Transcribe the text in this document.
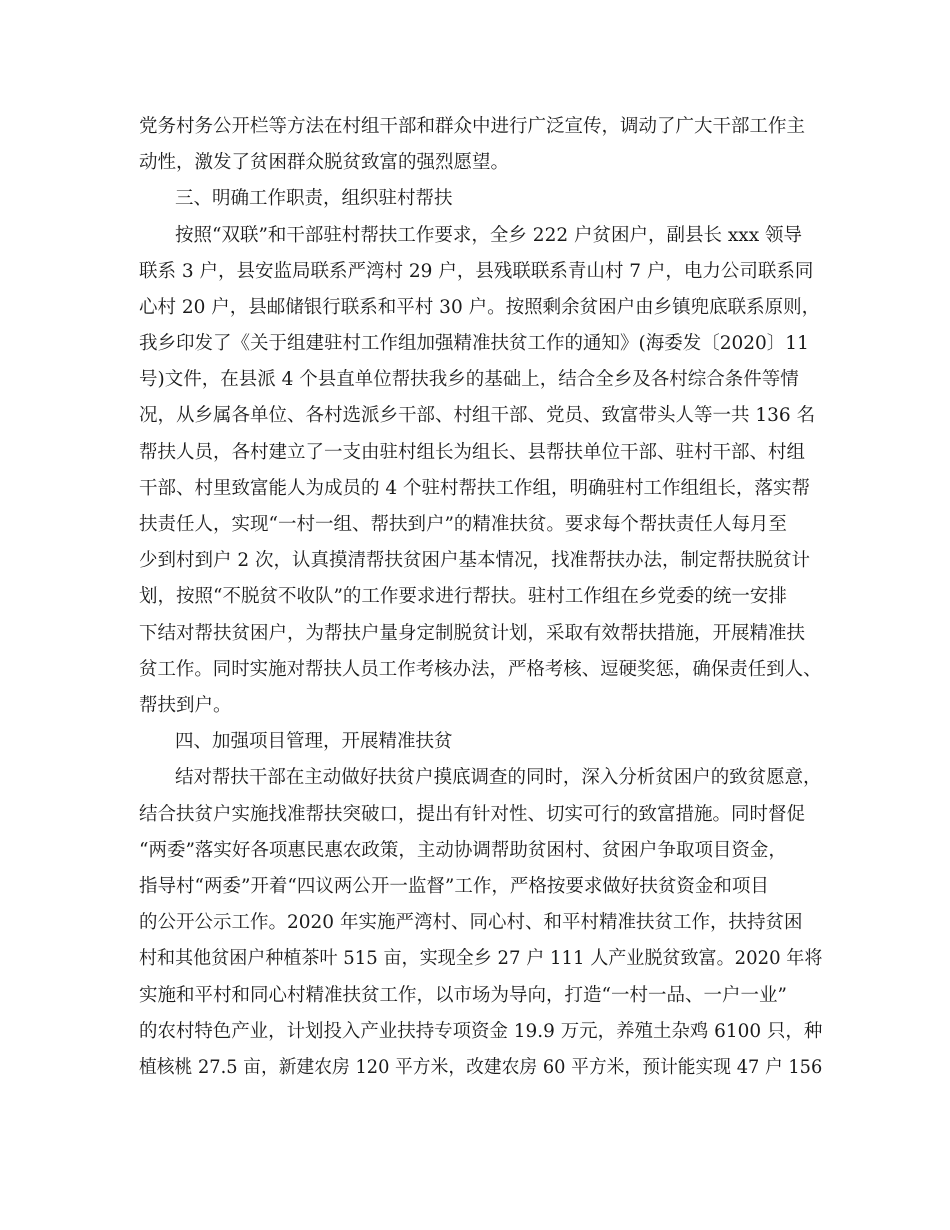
党务村务公开栏等方法在村组干部和群众中进行广泛宣传，调动了广大干部工作主
动性，激发了贫困群众脱贫致富的强烈愿望。
三、明确工作职责，组织驻村帮扶
按照“双联”和干部驻村帮扶工作要求，全乡 222 户贫困户，副县长 xxx 领导
联系 3 户，县安监局联系严湾村 29 户，县残联联系青山村 7 户，电力公司联系同
心村 20 户，县邮储银行联系和平村 30 户。按照剩余贫困户由乡镇兜底联系原则，
我乡印发了《关于组建驻村工作组加强精准扶贫工作的通知》(海委发〔2020〕11
号)文件，在县派 4 个县直单位帮扶我乡的基础上，结合全乡及各村综合条件等情
况，从乡属各单位、各村选派乡干部、村组干部、党员、致富带头人等一共 136 名
帮扶人员，各村建立了一支由驻村组长为组长、县帮扶单位干部、驻村干部、村组
干部、村里致富能人为成员的 4 个驻村帮扶工作组，明确驻村工作组组长，落实帮
扶责任人，实现“一村一组、帮扶到户”的精准扶贫。要求每个帮扶责任人每月至
少到村到户 2 次，认真摸清帮扶贫困户基本情况，找准帮扶办法，制定帮扶脱贫计
划，按照“不脱贫不收队”的工作要求进行帮扶。驻村工作组在乡党委的统一安排
下结对帮扶贫困户，为帮扶户量身定制脱贫计划，采取有效帮扶措施，开展精准扶
贫工作。同时实施对帮扶人员工作考核办法，严格考核、逗硬奖惩，确保责任到人、
帮扶到户。
四、加强项目管理，开展精准扶贫
结对帮扶干部在主动做好扶贫户摸底调查的同时，深入分析贫困户的致贫愿意，
结合扶贫户实施找准帮扶突破口，提出有针对性、切实可行的致富措施。同时督促
“两委”落实好各项惠民惠农政策，主动协调帮助贫困村、贫困户争取项目资金，
指导村“两委”开着“四议两公开一监督”工作，严格按要求做好扶贫资金和项目
的公开公示工作。2020 年实施严湾村、同心村、和平村精准扶贫工作，扶持贫困
村和其他贫困户种植茶叶 515 亩，实现全乡 27 户 111 人产业脱贫致富。2020 年将
实施和平村和同心村精准扶贫工作，以市场为导向，打造“一村一品、一户一业”
的农村特色产业，计划投入产业扶持专项资金 19.9 万元，养殖土杂鸡 6100 只，种
植核桃 27.5 亩，新建农房 120 平方米，改建农房 60 平方米，预计能实现 47 户 156
